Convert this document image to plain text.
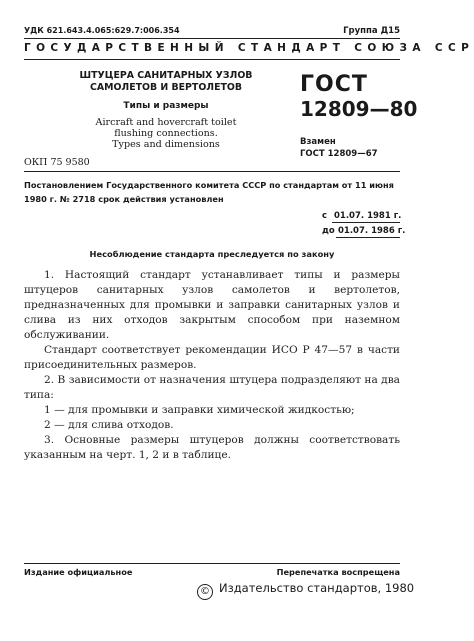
УДК 621.643.4.065:629.7:006.354	Группа Д15
ГОСУДАРСТВЕННЫЙ СТАНДАРТ СОЮЗА ССР
ШТУЦЕРА САНИТАРНЫХ УЗЛОВ
САМОЛЕТОВ И ВЕРТОЛЕТОВ
Типы и размеры
Aircraft and hovercraft toilet
flushing connections.
Types and dimensions
ОКП 75 9580
ГОСТ
12809—80
Взамен
ГОСТ 12809—67
Постановлением Государственного комитета СССР по стандартам от 11 июня
1980 г. № 2718 срок действия установлен
с 01.07. 1981 г.
до 01.07. 1986 г.
Несоблюдение стандарта преследуется по закону

1. Настоящий стандарт устанавливает типы и размеры штуцеров санитарных узлов самолетов и вертолетов, предназначенных для промывки и заправки санитарных узлов и слива из них отходов закрытым способом при наземном обслуживании.

Стандарт соответствует рекомендации ИСО Р 47—57 в части присоединительных размеров.

2. В зависимости от назначения штуцера подразделяют на два типа:

1 — для промывки и заправки химической жидкостью;

2 — для слива отходов.

3. Основные размеры штуцеров должны соответствовать указанным на черт. 1, 2 и в таблице.

Издание официальное	Перепечатка воспрещена
© Издательство стандартов, 1980
